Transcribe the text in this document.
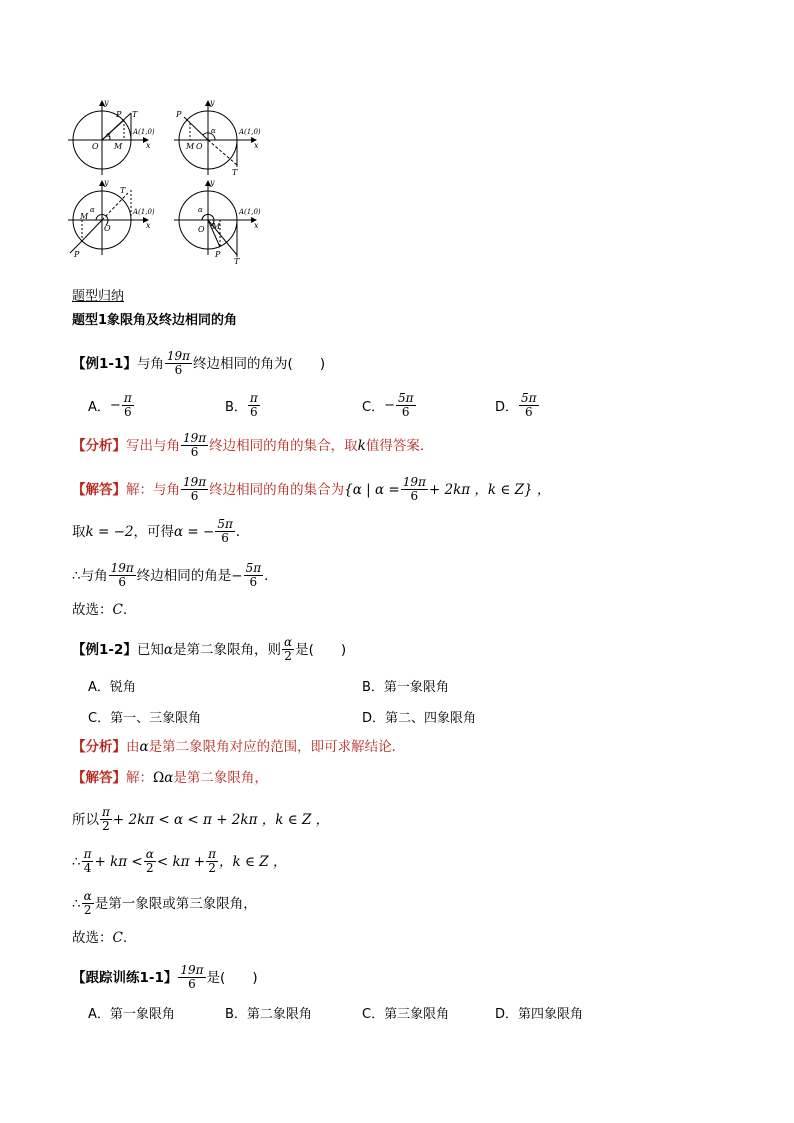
y
x
P T
O M
A(1,0)
α
y
x
P
T
O
M
A(1,0)
α
y
x
P
T
O
M	A(1,0)
α
y
x
P
T
O M
A(1,0)
α
题型归纳
题型1象限角及终边相同的角
【例1-1】 与角 $\frac{19\pi}{6}$ 终边相同的角为(　　)
A． − $\frac{\pi}{6}$	B． $\frac{\pi}{6}$	C． − $\frac{5\pi}{6}$	D． $\frac{5\pi}{6}$
【分析】 写出与角 $\frac{19\pi}{6}$ 终边相同的角的集合，取 k 值得答案．
【解答】 解：与角 $\frac{19\pi}{6}$ 终边相同的角的集合为 {α | $\alpha = \frac{19\pi}{6} + 2k\pi$ ，k ∈ Z} ，
取 k = −2 ，可得 α = − $\frac{5\pi}{6}$ ．
∴ 与角 $\frac{19\pi}{6}$ 终边相同的角是 − $\frac{5\pi}{6}$ ．
故选： C ．
【例1-2】 已知 α 是第二象限角，则 $\frac{\alpha}{2}$ 是(　　)
A． 锐角	B． 第一象限角
C． 第一、三象限角	D． 第二、四象限角
【分析】 由 α 是第二象限角对应的范围，即可求解结论．
【解答】 解： Ω α 是第二象限角，
所以 $\frac{\pi}{2} + 2k\pi < \alpha < \pi + 2k\pi$ ，k ∈ Z ，
∴ $\frac{\pi}{4} + k\pi < \frac{\alpha}{2} < k\pi + \frac{\pi}{2}$ ，k ∈ Z ，
∴ $\frac{\alpha}{2}$ 是第一象限或第三象限角，
故选： C ．
【跟踪训练1-1】 $\frac{19\pi}{6}$ 是(　　)
A． 第一象限角	B． 第二象限角	C． 第三象限角	D． 第四象限角
